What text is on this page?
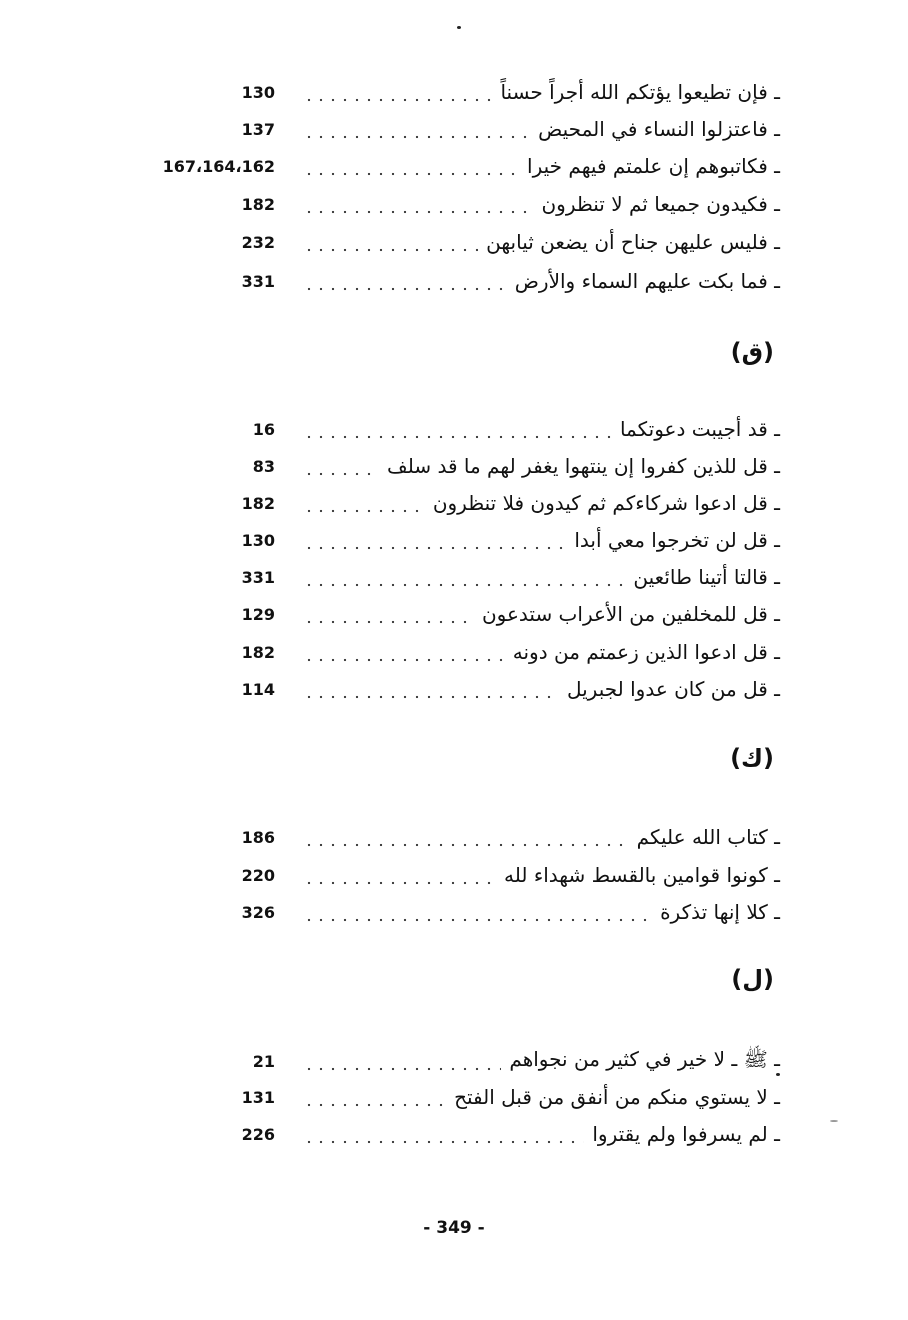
130	ـ فإن تطيعوا يؤتكم الله أجراً حسناً
137	ـ فاعتزلوا النساء في المحيض
167،164،162	ـ فكاتبوهم إن علمتم فيهم خيرا
182	ـ فكيدون جميعا ثم لا تنظرون
232	ـ فليس عليهن جناح أن يضعن ثيابهن
331	ـ فما بكت عليهم السماء والأرض
(ق)
16	ـ قد أجيبت دعوتكما
83	ـ قل للذين كفروا إن ينتهوا يغفر لهم ما قد سلف
182	ـ قل ادعوا شركاءكم ثم كيدون فلا تنظرون
130	ـ قل لن تخرجوا معي أبدا
331	ـ قالتا أتينا طائعين
129	ـ قل للمخلفين من الأعراب ستدعون
182	ـ قل ادعوا الذين زعمتم من دونه
114	ـ قل من كان عدوا لجبريل
(ك)
186	ـ كتاب الله عليكم
220	ـ كونوا قوامين بالقسط شهداء لله
326	ـ كلا إنها تذكرة
(ل)
21	ـ ﷺ ـ لا خير في كثير من نجواهم
131	ـ لا يستوي منكم من أنفق من قبل الفتح
226	ـ لم يسرفوا ولم يقتروا
- 349 -
